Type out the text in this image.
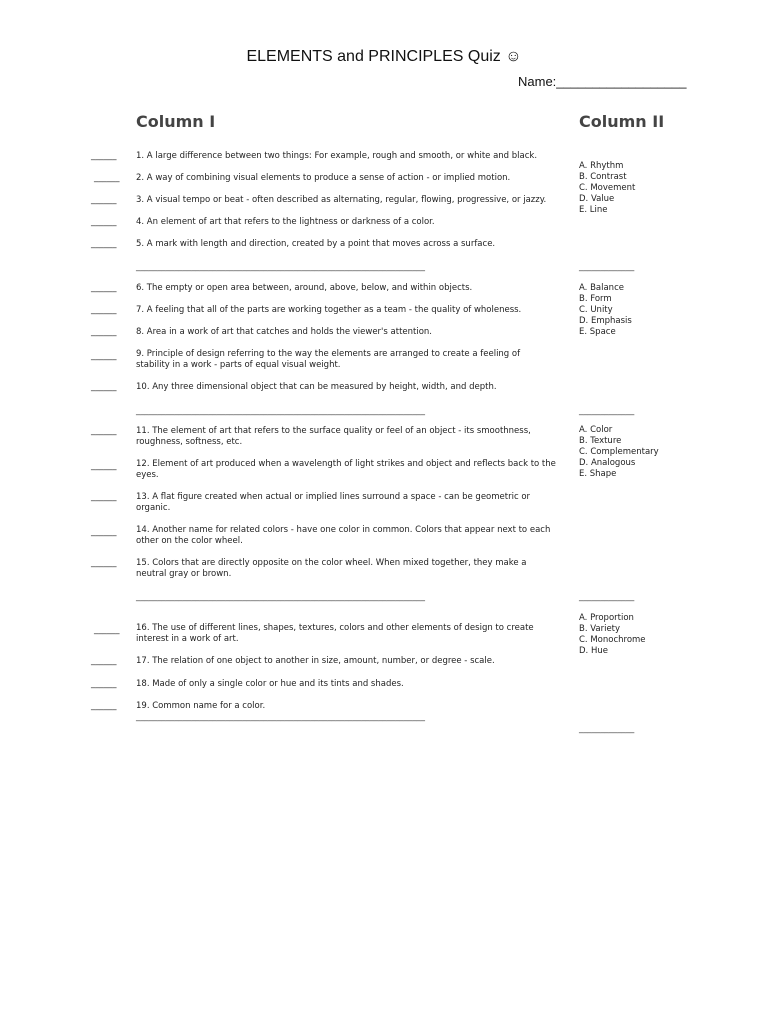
ELEMENTS and PRINCIPLES Quiz ☺
Name:__________________
Column I	Column II
______ 1. A large difference between two things: For example, rough and smooth, or white and black.
______ 2. A way of combining visual elements to produce a sense of action - or implied motion.
______ 3. A visual tempo or beat - often described as alternating, regular, flowing, progressive, or jazzy.
______ 4. An element of art that refers to the lightness or darkness of a color.
______ 5. A mark with length and direction, created by a point that moves across a surface.
A. Rhythm
B. Contrast
C. Movement
D. Value
E. Line
____________________________________________________________________	_____________
______ 6. The empty or open area between, around, above, below, and within objects.
______ 7. A feeling that all of the parts are working together as a team - the quality of wholeness.
______ 8. Area in a work of art that catches and holds the viewer's attention.
______ 9. Principle of design referring to the way the elements are arranged to create a feeling of stability in a work - parts of equal visual weight.
______ 10. Any three dimensional object that can be measured by height, width, and depth.
A. Balance
B. Form
C. Unity
D. Emphasis
E. Space
____________________________________________________________________	_____________
______ 11. The element of art that refers to the surface quality or feel of an object - its smoothness, roughness, softness, etc.
______ 12. Element of art produced when a wavelength of light strikes and object and reflects back to the eyes.
______ 13. A flat figure created when actual or implied lines surround a space - can be geometric or organic.
______ 14. Another name for related colors - have one color in common. Colors that appear next to each other on the color wheel.
______ 15. Colors that are directly opposite on the color wheel. When mixed together, they make a neutral gray or brown.
A. Color
B. Texture
C. Complementary
D. Analogous
E. Shape
____________________________________________________________________	_____________
______ 16. The use of different lines, shapes, textures, colors and other elements of design to create interest in a work of art.
______ 17. The relation of one object to another in size, amount, number, or degree - scale.
______ 18. Made of only a single color or hue and its tints and shades.
______ 19. Common name for a color.
A. Proportion
B. Variety
C. Monochrome
D. Hue
____________________________________________________________________
_____________
